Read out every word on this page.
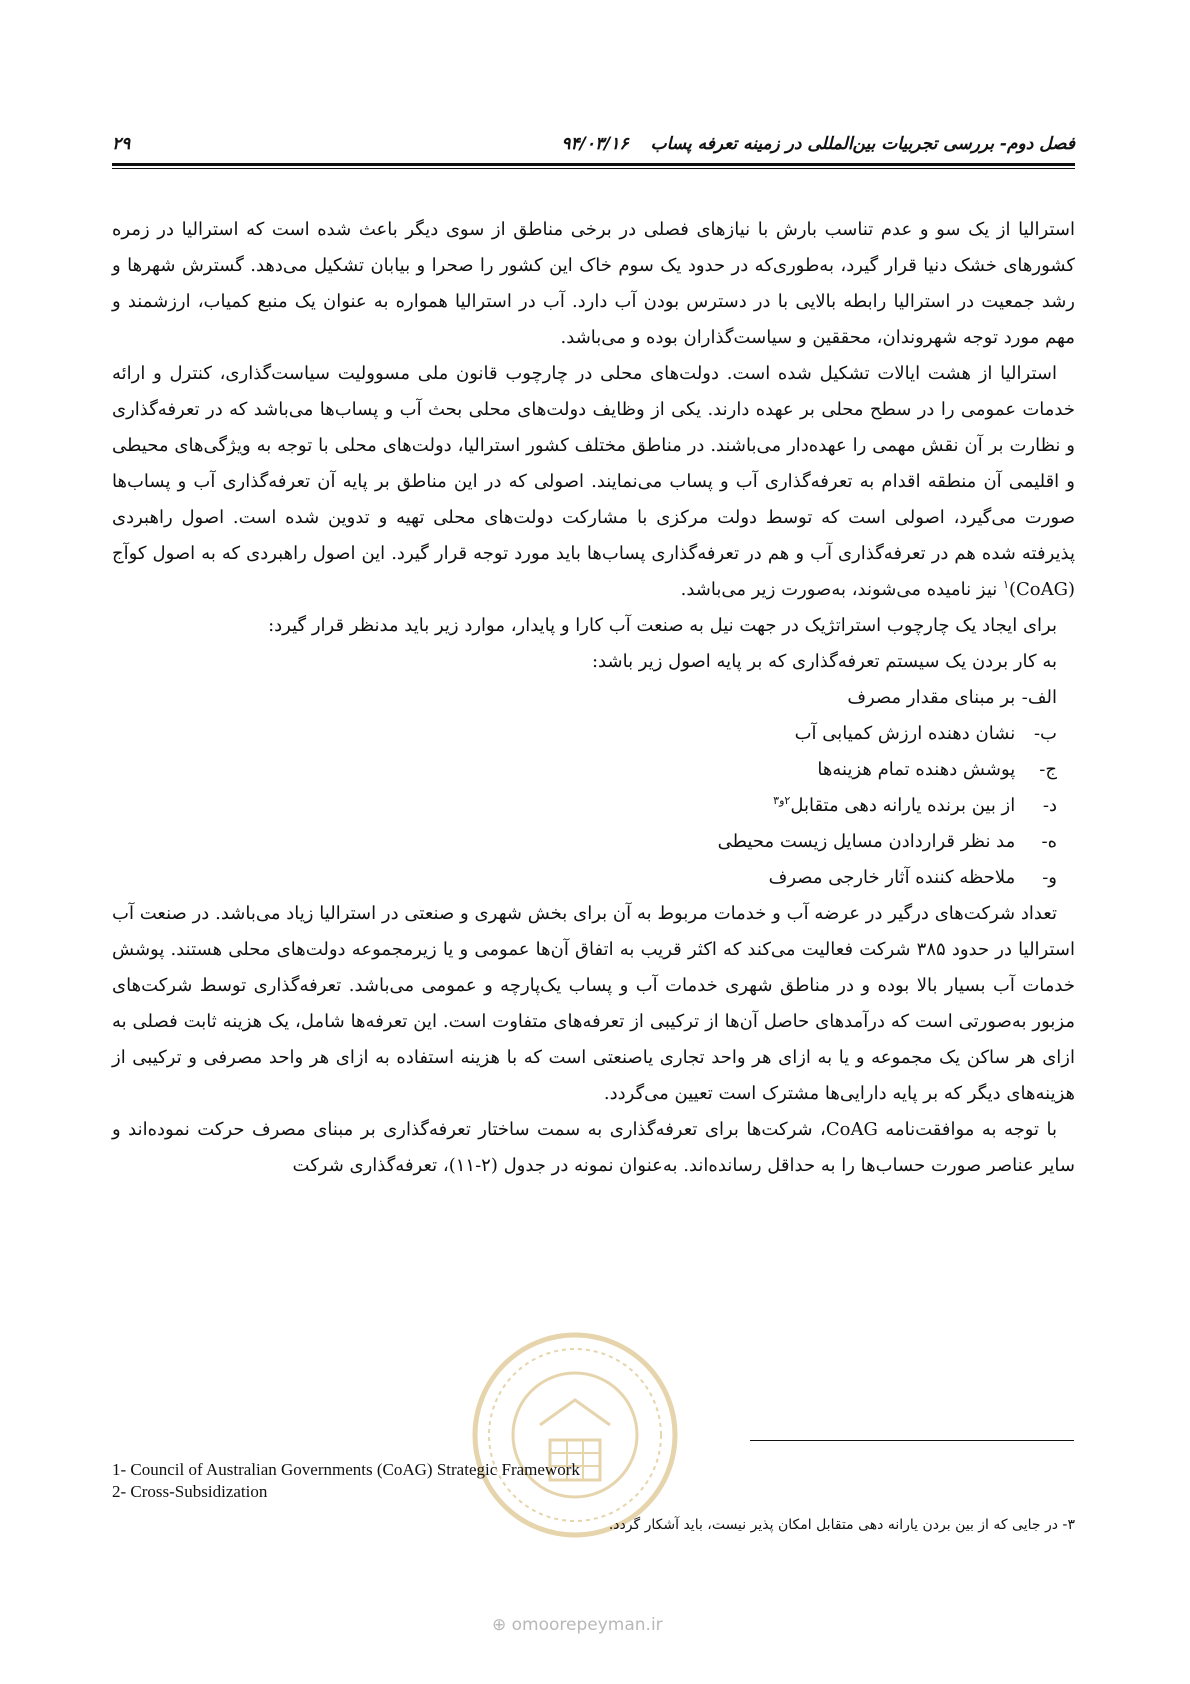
فصل دوم- بررسی تجربیات بین‌المللی در زمینه تعرفه پساب۹۴/۰۳/۱۶
۲۹

استرالیا از یک سو و عدم تناسب بارش با نیازهای فصلی در برخی مناطق از سوی دیگر باعث شده است که استرالیا در زمره کشورهای خشک دنیا قرار گیرد، به‌طوری‌که در حدود یک سوم خاک این کشور را صحرا و بیابان تشکیل می‌دهد. گسترش شهرها و رشد جمعیت در استرالیا رابطه بالایی با در دسترس بودن آب دارد. آب در استرالیا همواره به عنوان یک منبع کمیاب، ارزشمند و مهم مورد توجه شهروندان، محققین و سیاست‌گذاران بوده و می‌باشد.

استرالیا از هشت ایالات تشکیل شده است. دولت‌های محلی در چارچوب قانون ملی مسوولیت سیاست‌گذاری، کنترل و ارائه خدمات عمومی را در سطح محلی بر عهده دارند. یکی از وظایف دولت‌های محلی بحث آب و پساب‌ها می‌باشد که در تعرفه‌گذاری و نظارت بر آن نقش مهمی را عهده‌دار می‌باشند. در مناطق مختلف کشور استرالیا، دولت‌های محلی با توجه به ویژگی‌های محیطی و اقلیمی آن منطقه اقدام به تعرفه‌گذاری آب و پساب می‌نمایند. اصولی که در این مناطق بر پایه آن تعرفه‌گذاری آب و پساب‌ها صورت می‌گیرد، اصولی است که توسط دولت مرکزی با مشارکت دولت‌های محلی تهیه و تدوین شده است. اصول راهبردی پذیرفته شده هم در تعرفه‌گذاری آب و هم در تعرفه‌گذاری پساب‌ها باید مورد توجه قرار گیرد. این اصول راهبردی که به اصول کوآج (CoAG)$^۱$ نیز نامیده می‌شوند، به‌صورت زیر می‌باشد.

برای ایجاد یک چارچوب استراتژیک در جهت نیل به صنعت آب کارا و پایدار، موارد زیر باید مدنظر قرار گیرد:

به کار بردن یک سیستم تعرفه‌گذاری که بر پایه اصول زیر باشد:

الف- بر مبنای مقدار مصرف
ب- نشان دهنده ارزش کمیابی آب
ج- پوشش دهنده تمام هزینه‌ها
د- از بین برنده یارانه دهی متقابل$^{۲و۳}$
ه- مد نظر قراردادن مسایل زیست محیطی
و- ملاحظه کننده آثار خارجی مصرف

تعداد شرکت‌های درگیر در عرضه آب و خدمات مربوط به آن برای بخش شهری و صنعتی در استرالیا زیاد می‌باشد. در صنعت آب استرالیا در حدود ۳۸۵ شرکت فعالیت می‌کند که اکثر قریب به اتفاق آن‌ها عمومی و یا زیرمجموعه دولت‌های محلی هستند. پوشش خدمات آب بسیار بالا بوده و در مناطق شهری خدمات آب و پساب یک‌پارچه و عمومی می‌باشد. تعرفه‌گذاری توسط شرکت‌های مزبور به‌صورتی است که درآمدهای حاصل آن‌ها از ترکیبی از تعرفه‌های متفاوت است. این تعرفه‌ها شامل، یک هزینه ثابت فصلی به ازای هر ساکن یک مجموعه و یا به ازای هر واحد تجاری یاصنعتی است که با هزینه استفاده به ازای هر واحد مصرفی و ترکیبی از هزینه‌های دیگر که بر پایه دارایی‌ها مشترک است تعیین می‌گردد.

با توجه به موافقت‌نامه CoAG، شرکت‌ها برای تعرفه‌گذاری به سمت ساختار تعرفه‌گذاری بر مبنای مصرف حرکت نموده‌اند و سایر عناصر صورت حساب‌ها را به حداقل رسانده‌اند. به‌عنوان نمونه در جدول (۲-۱۱)، تعرفه‌گذاری شرکت

1- Council of Australian Governments (CoAG) Strategic Framework
2- Cross-Subsidization
۳- در جایی که از بین بردن یارانه دهی متقابل امکان پذیر نیست، باید آشکار گردد.
⊕ omoorepeyman.ir
